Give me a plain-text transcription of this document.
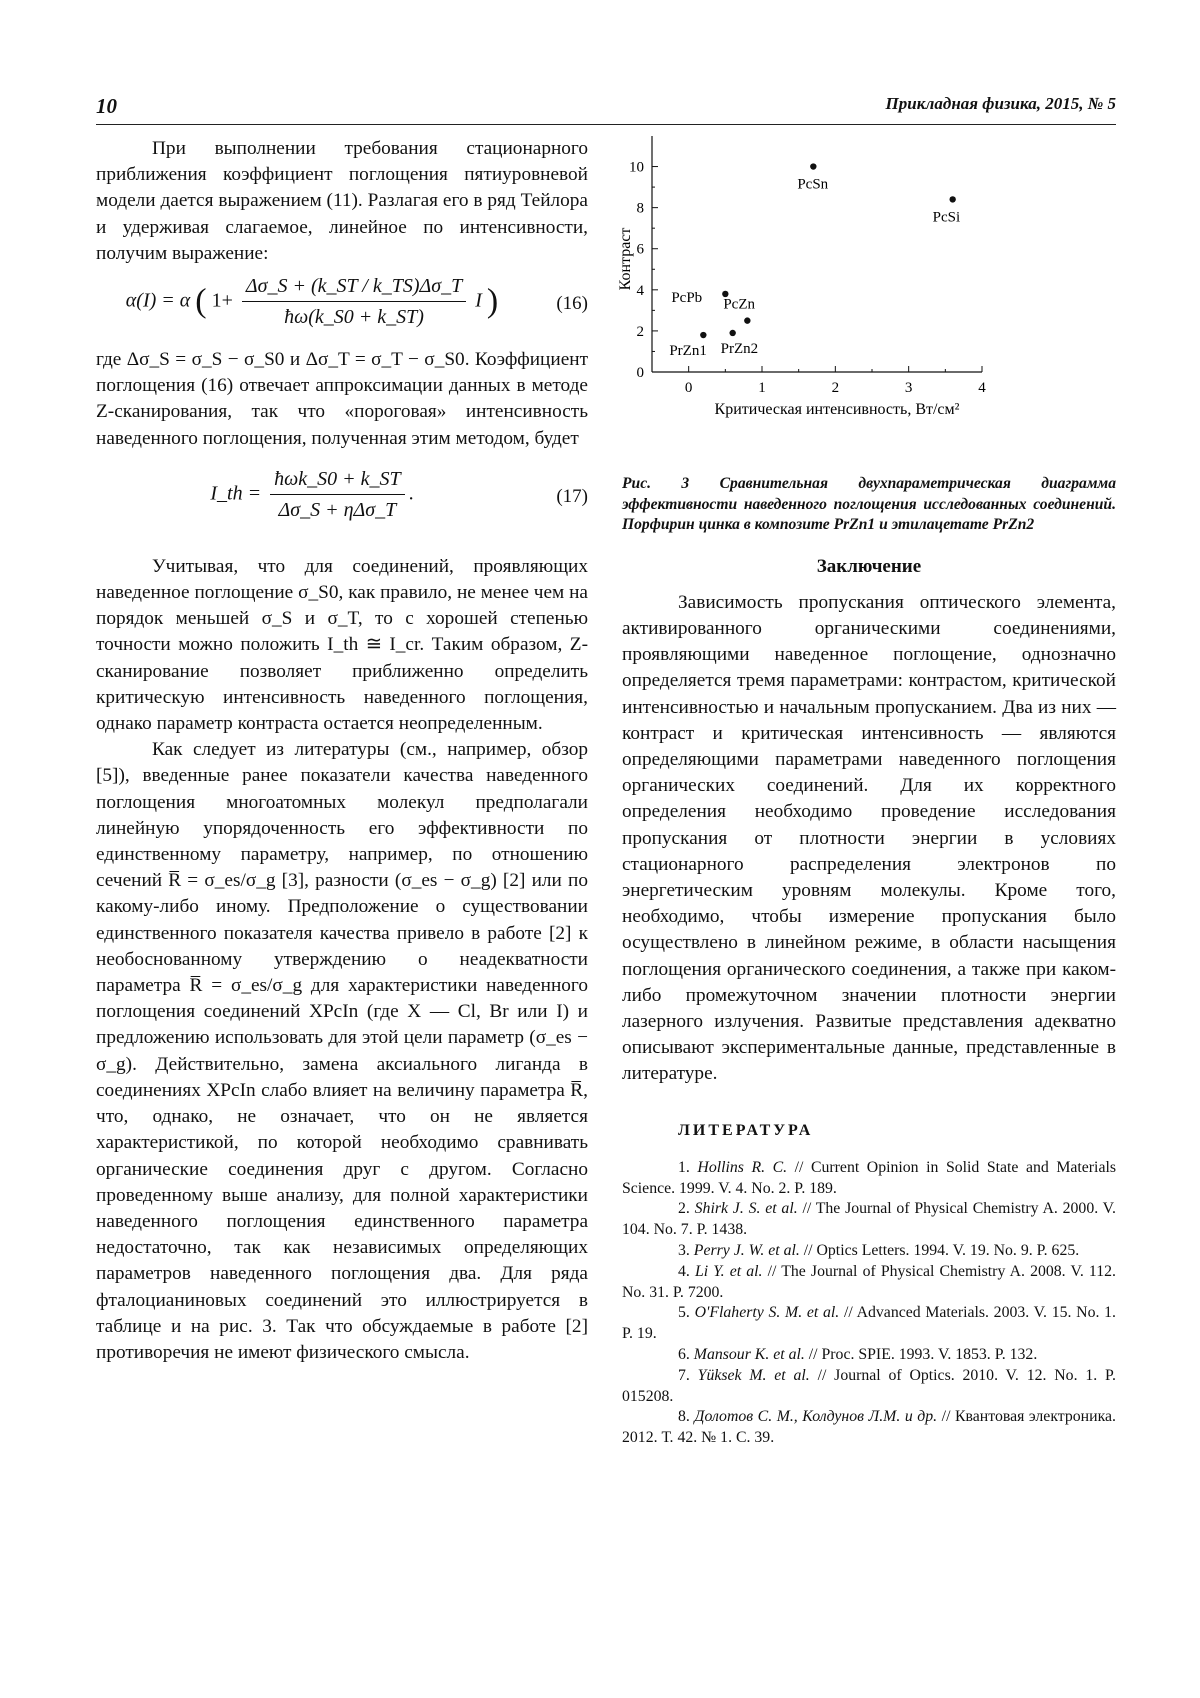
10	Прикладная физика, 2015, № 5

При выполнении требования стационарного приближения коэффициент поглощения пятиуровневой модели дается выражением (11). Разлагая его в ряд Тейлора и удерживая слагаемое, линейное по интенсивности, получим выражение:

α(I) = α ( $1+ \frac{\Delta\sigma\_S + (k\_ST / k\_TS)\Delta\sigma\_T}{ħ\omega(k\_S0 + k\_ST)}$ I )	(16)

где Δσ_S = σ_S − σ_S0 и Δσ_T = σ_T − σ_S0. Коэффициент поглощения (16) отвечает аппроксимации данных в методе Z-сканирования, так что «пороговая» интенсивность наведенного поглощения, полученная этим методом, будет

I_th = $\frac{\text{ħωk\_S0 + k\_ST}}{\text{Δσ\_S + ηΔσ\_T}}$ .	(17)

Учитывая, что для соединений, проявляющих наведенное поглощение σ_S0, как правило, не менее чем на порядок меньшей σ_S и σ_T, то с хорошей степенью точности можно положить I_th ≅ I_cr. Таким образом, Z-сканирование позволяет приближенно определить критическую интенсивность наведенного поглощения, однако параметр контраста остается неопределенным.

Как следует из литературы (см., например, обзор [5]), введенные ранее показатели качества наведенного поглощения многоатомных молекул предполагали линейную упорядоченность его эффективности по единственному параметру, например, по отношению сечений R̅ = σ_es/σ_g [3], разности (σ_es − σ_g) [2] или по какому-либо иному. Предположение о существовании единственного показателя качества привело в работе [2] к необоснованному утверждению о неадекватности параметра R̅ = σ_es/σ_g для характеристики наведенного поглощения соединений XPcIn (где X — Cl, Br или I) и предложению использовать для этой цели параметр (σ_es − σ_g). Действительно, замена аксиального лиганда в соединениях XPcIn слабо влияет на величину параметра R̅, что, однако, не означает, что он не является характеристикой, по которой необходимо сравнивать органические соединения друг с другом. Согласно проведенному выше анализу, для полной характеристики наведенного поглощения единственного параметра недостаточно, так как независимых определяющих параметров наведенного поглощения два. Для ряда фталоцианиновых соединений это иллюстрируется в таблице и на рис. 3. Так что обсуждаемые в работе [2] противоречия не имеют физического смысла.

Контраст
Критическая интенсивность, Вт/см²
0
2
4
6
8
10
0	1	2	3	4
PcSn
PcSi
PcPb PcZn
PrZn1 PrZn2
Рис. 3 Сравнительная двухпараметрическая диаграмма эффективности наведенного поглощения исследованных соединений. Порфирин цинка в композите PrZn1 и этилацетате PrZn2
Заключение

Зависимость пропускания оптического элемента, активированного органическими соединениями, проявляющими наведенное поглощение, однозначно определяется тремя параметрами: контрастом, критической интенсивностью и начальным пропусканием. Два из них — контраст и критическая интенсивность — являются определяющими параметрами наведенного поглощения органических соединений. Для их корректного определения необходимо проведение исследования пропускания от плотности энергии в условиях стационарного распределения электронов по энергетическим уровням молекулы. Кроме того, необходимо, чтобы измерение пропускания было осуществлено в линейном режиме, в области насыщения поглощения органического соединения, а также при каком-либо промежуточном значении плотности энергии лазерного излучения. Развитые представления адекватно описывают экспериментальные данные, представленные в литературе.

ЛИТЕРАТУРА
1. Hollins R. C. // Current Opinion in Solid State and Materials Science. 1999. V. 4. No. 2. P. 189.
2. Shirk J. S. et al. // The Journal of Physical Chemistry A. 2000. V. 104. No. 7. P. 1438.
3. Perry J. W. et al. // Optics Letters. 1994. V. 19. No. 9. P. 625.
4. Li Y. et al. // The Journal of Physical Chemistry A. 2008. V. 112. No. 31. P. 7200.
5. O'Flaherty S. M. et al. // Advanced Materials. 2003. V. 15. No. 1. P. 19.
6. Mansour K. et al. // Proc. SPIE. 1993. V. 1853. P. 132.
7. Yüksek M. et al. // Journal of Optics. 2010. V. 12. No. 1. P. 015208.
8. Долотов С. М., Колдунов Л.М. и др. // Квантовая электроника. 2012. Т. 42. № 1. С. 39.
